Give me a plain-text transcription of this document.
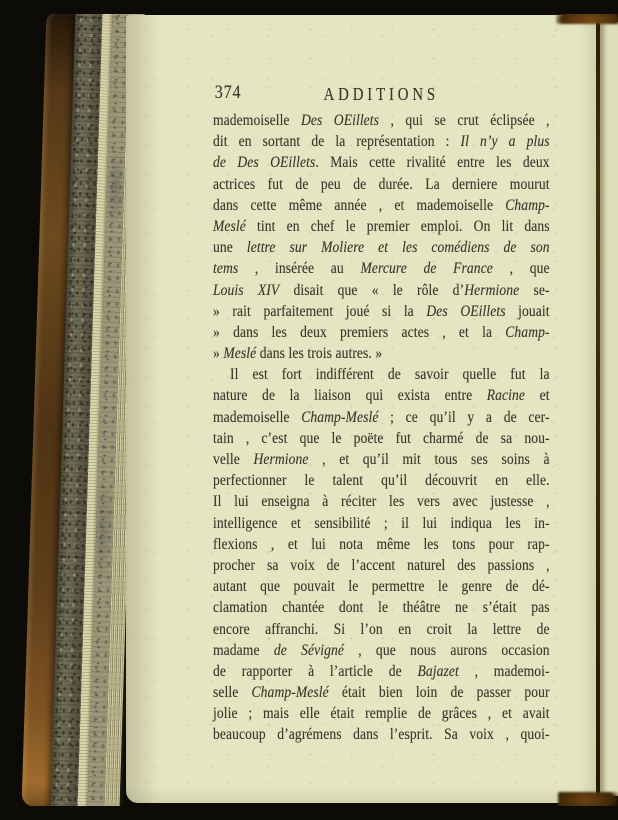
374	ADDITIONS
mademoiselle Des OEillets , qui se crut éclipsée ,
dit en sortant de la représentation : Il n’y a plus
de Des OEillets. Mais cette rivalité entre les deux
actrices fut de peu de durée. La derniere mourut
dans cette même année , et mademoiselle Champ-
Meslé tint en chef le premier emploi. On lit dans
une lettre sur Moliere et les comédiens de son
tems , insérée au Mercure de France , que
Louis XIV disait que « le rôle d’Hermione se-
» rait parfaitement joué si la Des OEillets jouait
» dans les deux premiers actes , et la Champ-
» Meslé dans les trois autres. »
Il est fort indifférent de savoir quelle fut la
nature de la liaison qui exista entre Racine et
mademoiselle Champ-Meslé ; ce qu’il y a de cer-
tain , c’est que le poëte fut charmé de sa nou-
velle Hermione , et qu’il mit tous ses soins à
perfectionner le talent qu’il découvrit en elle.
Il lui enseigna à réciter les vers avec justesse ,
intelligence et sensibilité ; il lui indiqua les in-
flexions , et lui nota même les tons pour rap-
procher sa voix de l’accent naturel des passions ,
autant que pouvait le permettre le genre de dé-
clamation chantée dont le théâtre ne s’était pas
encore affranchi. Si l’on en croit la lettre de
madame de Sévigné , que nous aurons occasion
de rapporter à l’article de Bajazet , mademoi-
selle Champ-Meslé était bien loin de passer pour
jolie ; mais elle était remplie de grâces , et avait
beaucoup d’agrémens dans l’esprit. Sa voix , quoi-
